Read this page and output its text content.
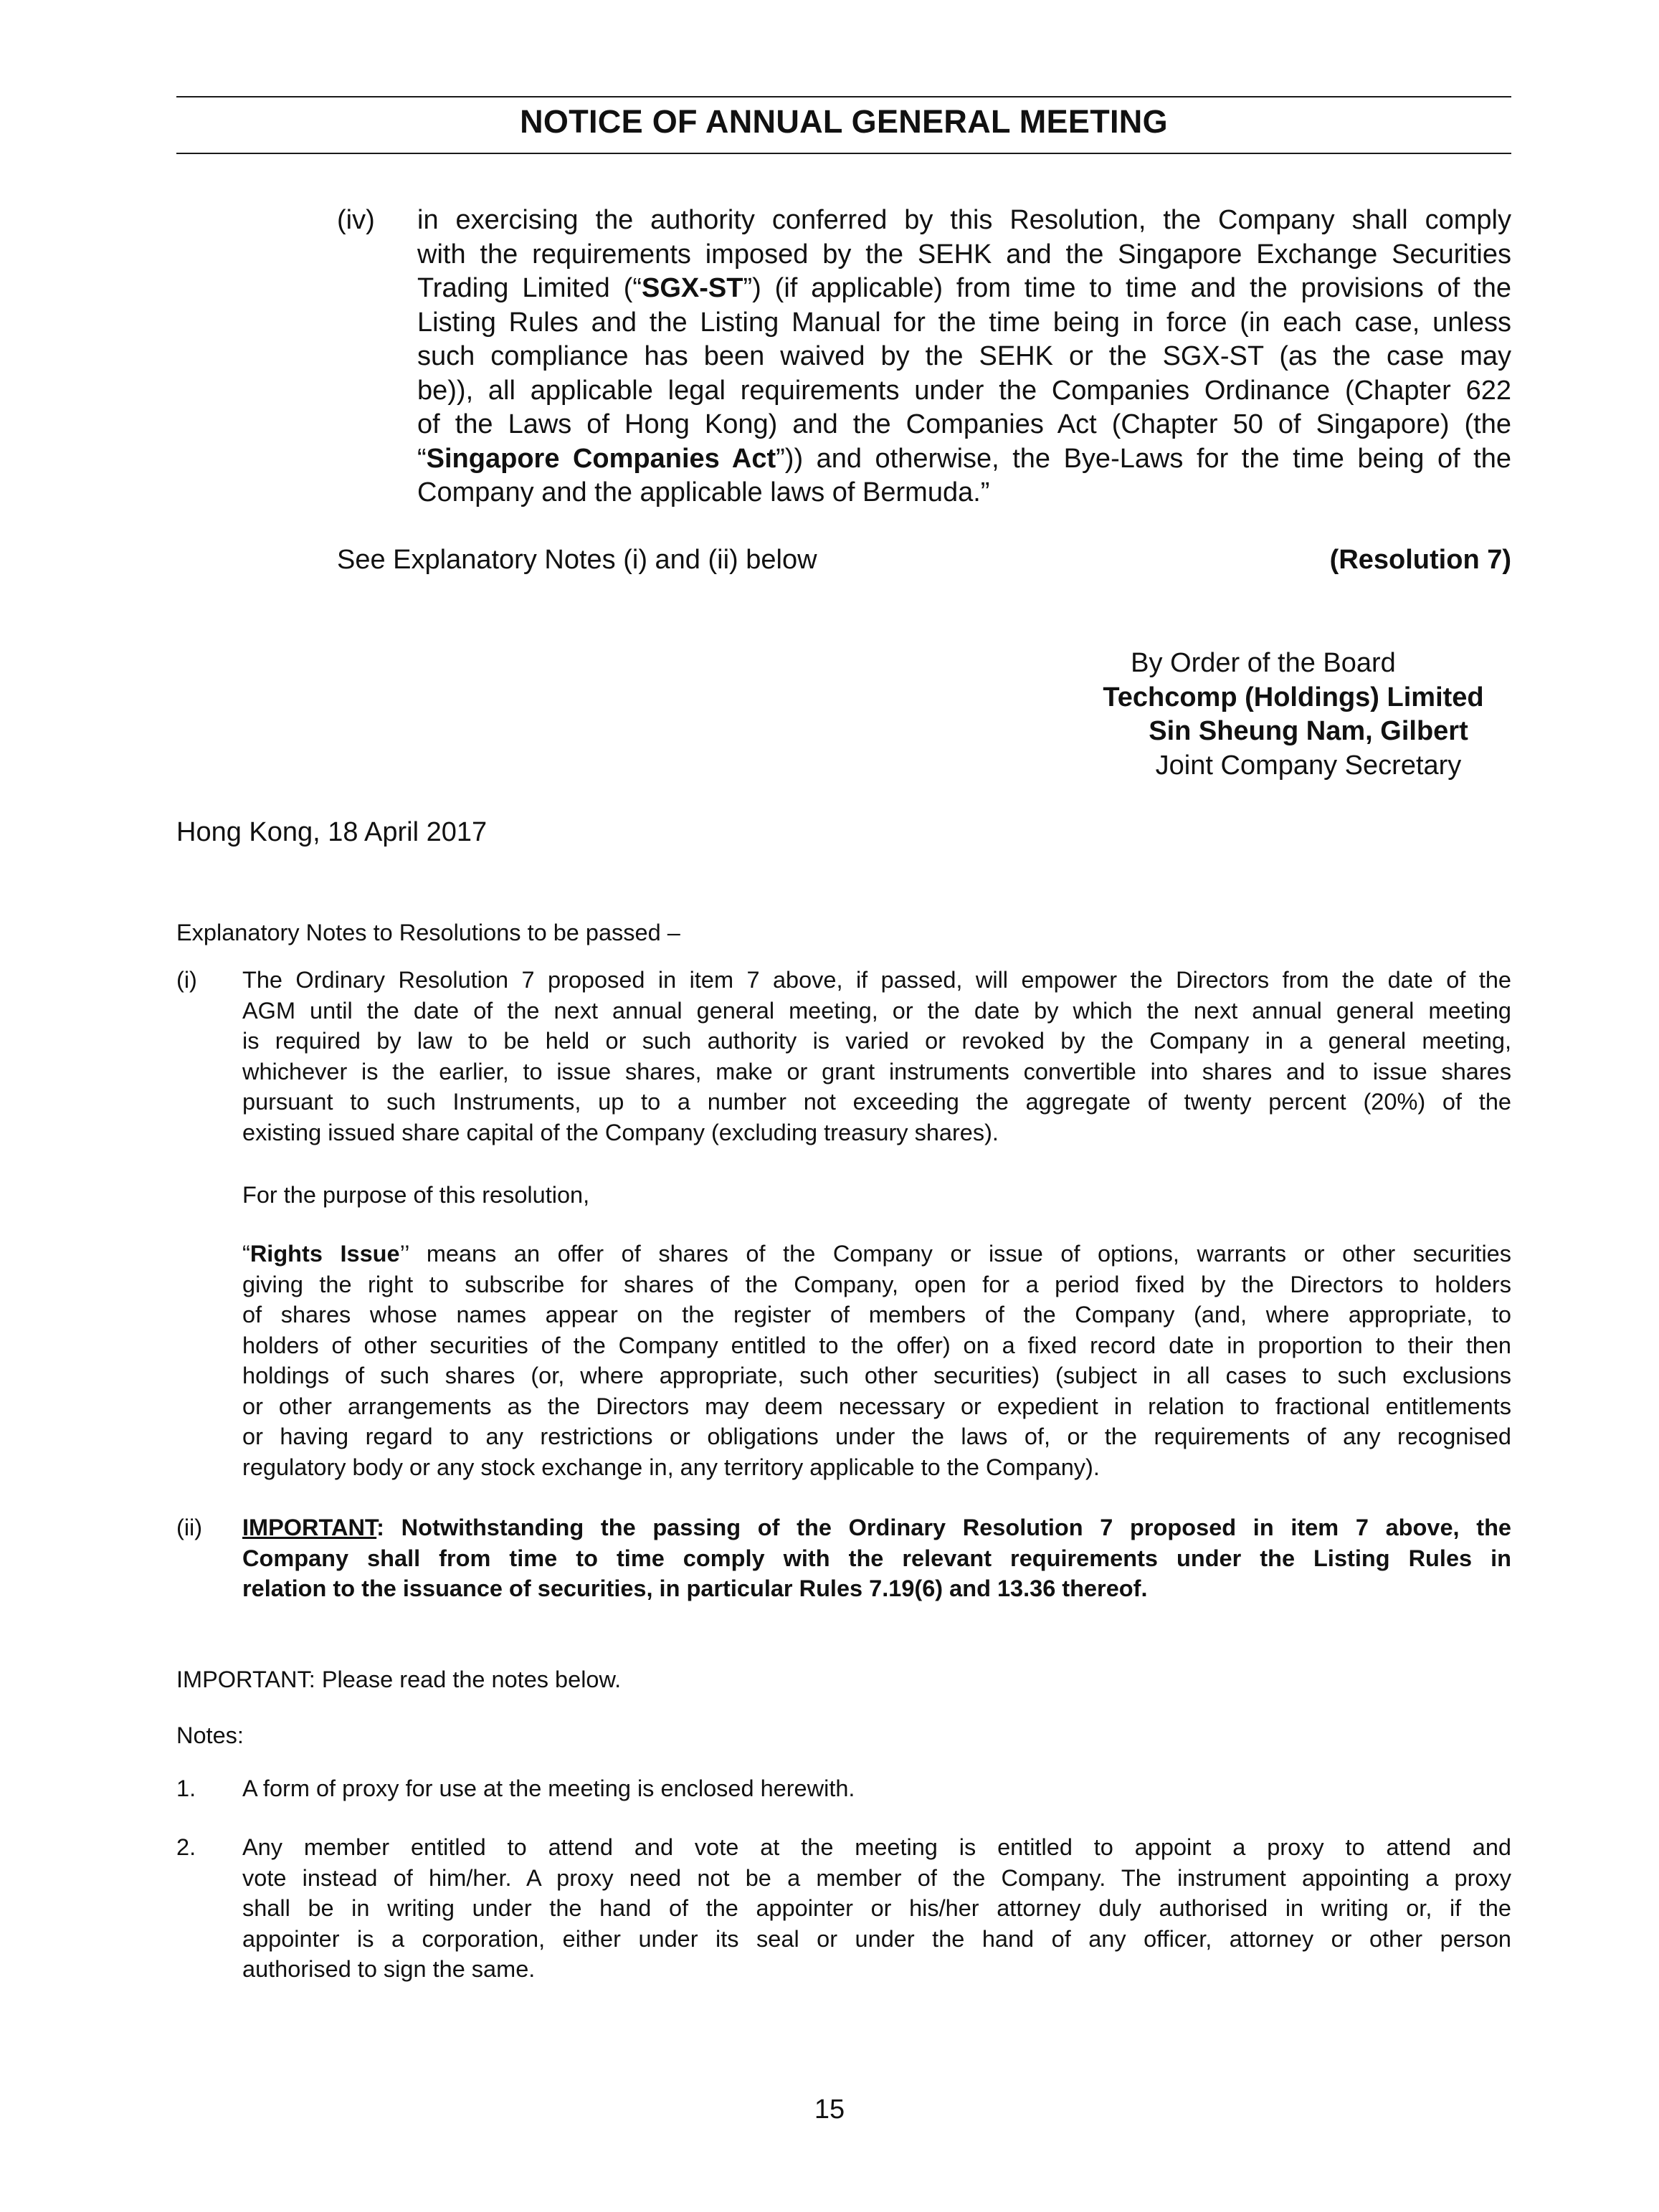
NOTICE OF ANNUAL GENERAL MEETING
(iv) in exercising the authority conferred by this Resolution, the Company shall comply
with the requirements imposed by the SEHK and the Singapore Exchange Securities
Trading Limited (“SGX-ST”) (if applicable) from time to time and the provisions of the
Listing Rules and the Listing Manual for the time being in force (in each case, unless
such compliance has been waived by the SEHK or the SGX-ST (as the case may
be)), all applicable legal requirements under the Companies Ordinance (Chapter 622
of the Laws of Hong Kong) and the Companies Act (Chapter 50 of Singapore) (the
“Singapore Companies Act”)) and otherwise, the Bye-Laws for the time being of the
Company and the applicable laws of Bermuda.”
See Explanatory Notes (i) and (ii) below	(Resolution 7)
By Order of the Board
Techcomp (Holdings) Limited
Sin Sheung Nam, Gilbert
Joint Company Secretary
Hong Kong, 18 April 2017
Explanatory Notes to Resolutions to be passed –
(i) The Ordinary Resolution 7 proposed in item 7 above, if passed, will empower the Directors from the date of the
AGM until the date of the next annual general meeting, or the date by which the next annual general meeting
is required by law to be held or such authority is varied or revoked by the Company in a general meeting,
whichever is the earlier, to issue shares, make or grant instruments convertible into shares and to issue shares
pursuant to such Instruments, up to a number not exceeding the aggregate of twenty percent (20%) of the
existing issued share capital of the Company (excluding treasury shares).
For the purpose of this resolution,
“Rights Issue’’ means an offer of shares of the Company or issue of options, warrants or other securities
giving the right to subscribe for shares of the Company, open for a period fixed by the Directors to holders
of shares whose names appear on the register of members of the Company (and, where appropriate, to
holders of other securities of the Company entitled to the offer) on a fixed record date in proportion to their then
holdings of such shares (or, where appropriate, such other securities) (subject in all cases to such exclusions
or other arrangements as the Directors may deem necessary or expedient in relation to fractional entitlements
or having regard to any restrictions or obligations under the laws of, or the requirements of any recognised
regulatory body or any stock exchange in, any territory applicable to the Company).
(ii) IMPORTANT: Notwithstanding the passing of the Ordinary Resolution 7 proposed in item 7 above, the
Company shall from time to time comply with the relevant requirements under the Listing Rules in
relation to the issuance of securities, in particular Rules 7.19(6) and 13.36 thereof.
IMPORTANT: Please read the notes below.
Notes:
1. A form of proxy for use at the meeting is enclosed herewith.
2. Any member entitled to attend and vote at the meeting is entitled to appoint a proxy to attend and
vote instead of him/her. A proxy need not be a member of the Company. The instrument appointing a proxy
shall be in writing under the hand of the appointer or his/her attorney duly authorised in writing or, if the
appointer is a corporation, either under its seal or under the hand of any officer, attorney or other person
authorised to sign the same.
15
